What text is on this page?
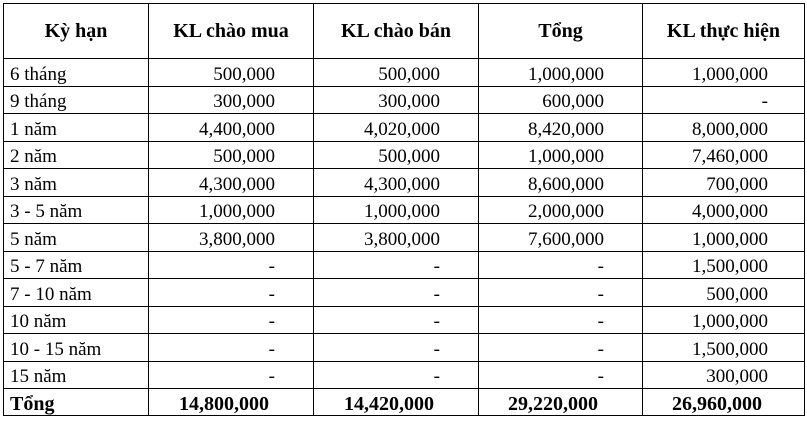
Kỳ hạn	KL chào mua	KL chào bán	Tổng	KL thực hiện
6 tháng	500,000	500,000	1,000,000	1,000,000
9 tháng	300,000	300,000	600,000	-
1 năm	4,400,000	4,020,000	8,420,000	8,000,000
2 năm	500,000	500,000	1,000,000	7,460,000
3 năm	4,300,000	4,300,000	8,600,000	700,000
3 - 5 năm	1,000,000	1,000,000	2,000,000	4,000,000
5 năm	3,800,000	3,800,000	7,600,000	1,000,000
5 - 7 năm	-	-	-	1,500,000
7 - 10 năm	-	-	-	500,000
10 năm	-	-	-	1,000,000
10 - 15 năm	-	-	-	1,500,000
15 năm	-	-	-	300,000
Tổng	14,800,000	14,420,000	29,220,000	26,960,000
